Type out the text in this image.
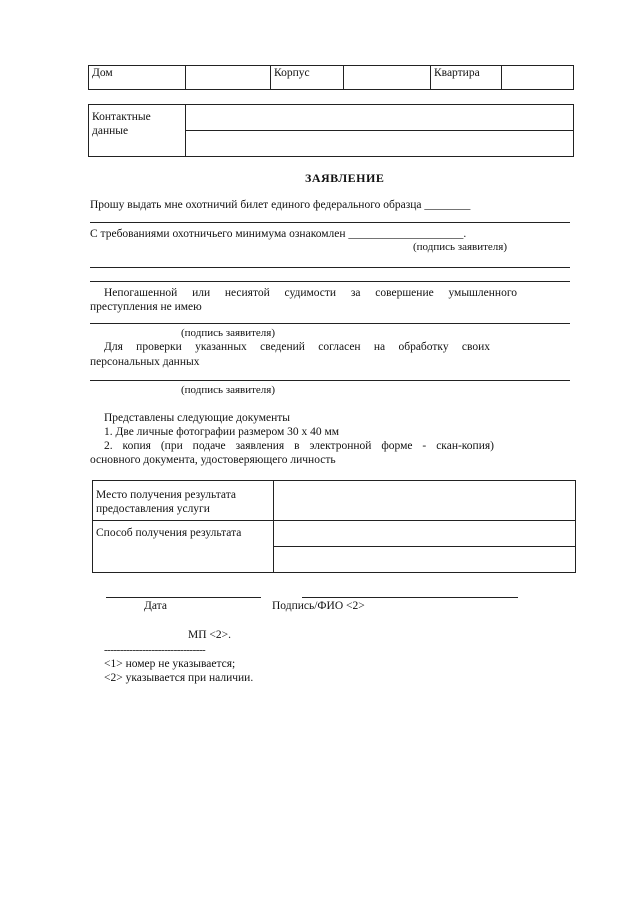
Дом		Корпус		Квартира	
Контактные
данные

ЗАЯВЛЕНИЕ
Прошу выдать мне охотничий билет единого федерального образца ________
С требованиями охотничьего минимума ознакомлен ____________________.
(подпись заявителя)
Непогашенной или несиятой судимости за совершение умышленного
преступления не имею
(подпись заявителя)
Для проверки указанных сведений согласен на обработку своих
персональных данных
(подпись заявителя)
Представлены следующие документы
1. Две личные фотографии размером 30 х 40 мм
2. копия (при подаче заявления в электронной форме - скан-копия)
основного документа, удостоверяющего личность
Место получения результата
предоставления услуги	

Способ получения результата	

Дата	Подпись/ФИО <2>
МП <2>.
--------------------------------
<1> номер не указывается;
<2> указывается при наличии.
